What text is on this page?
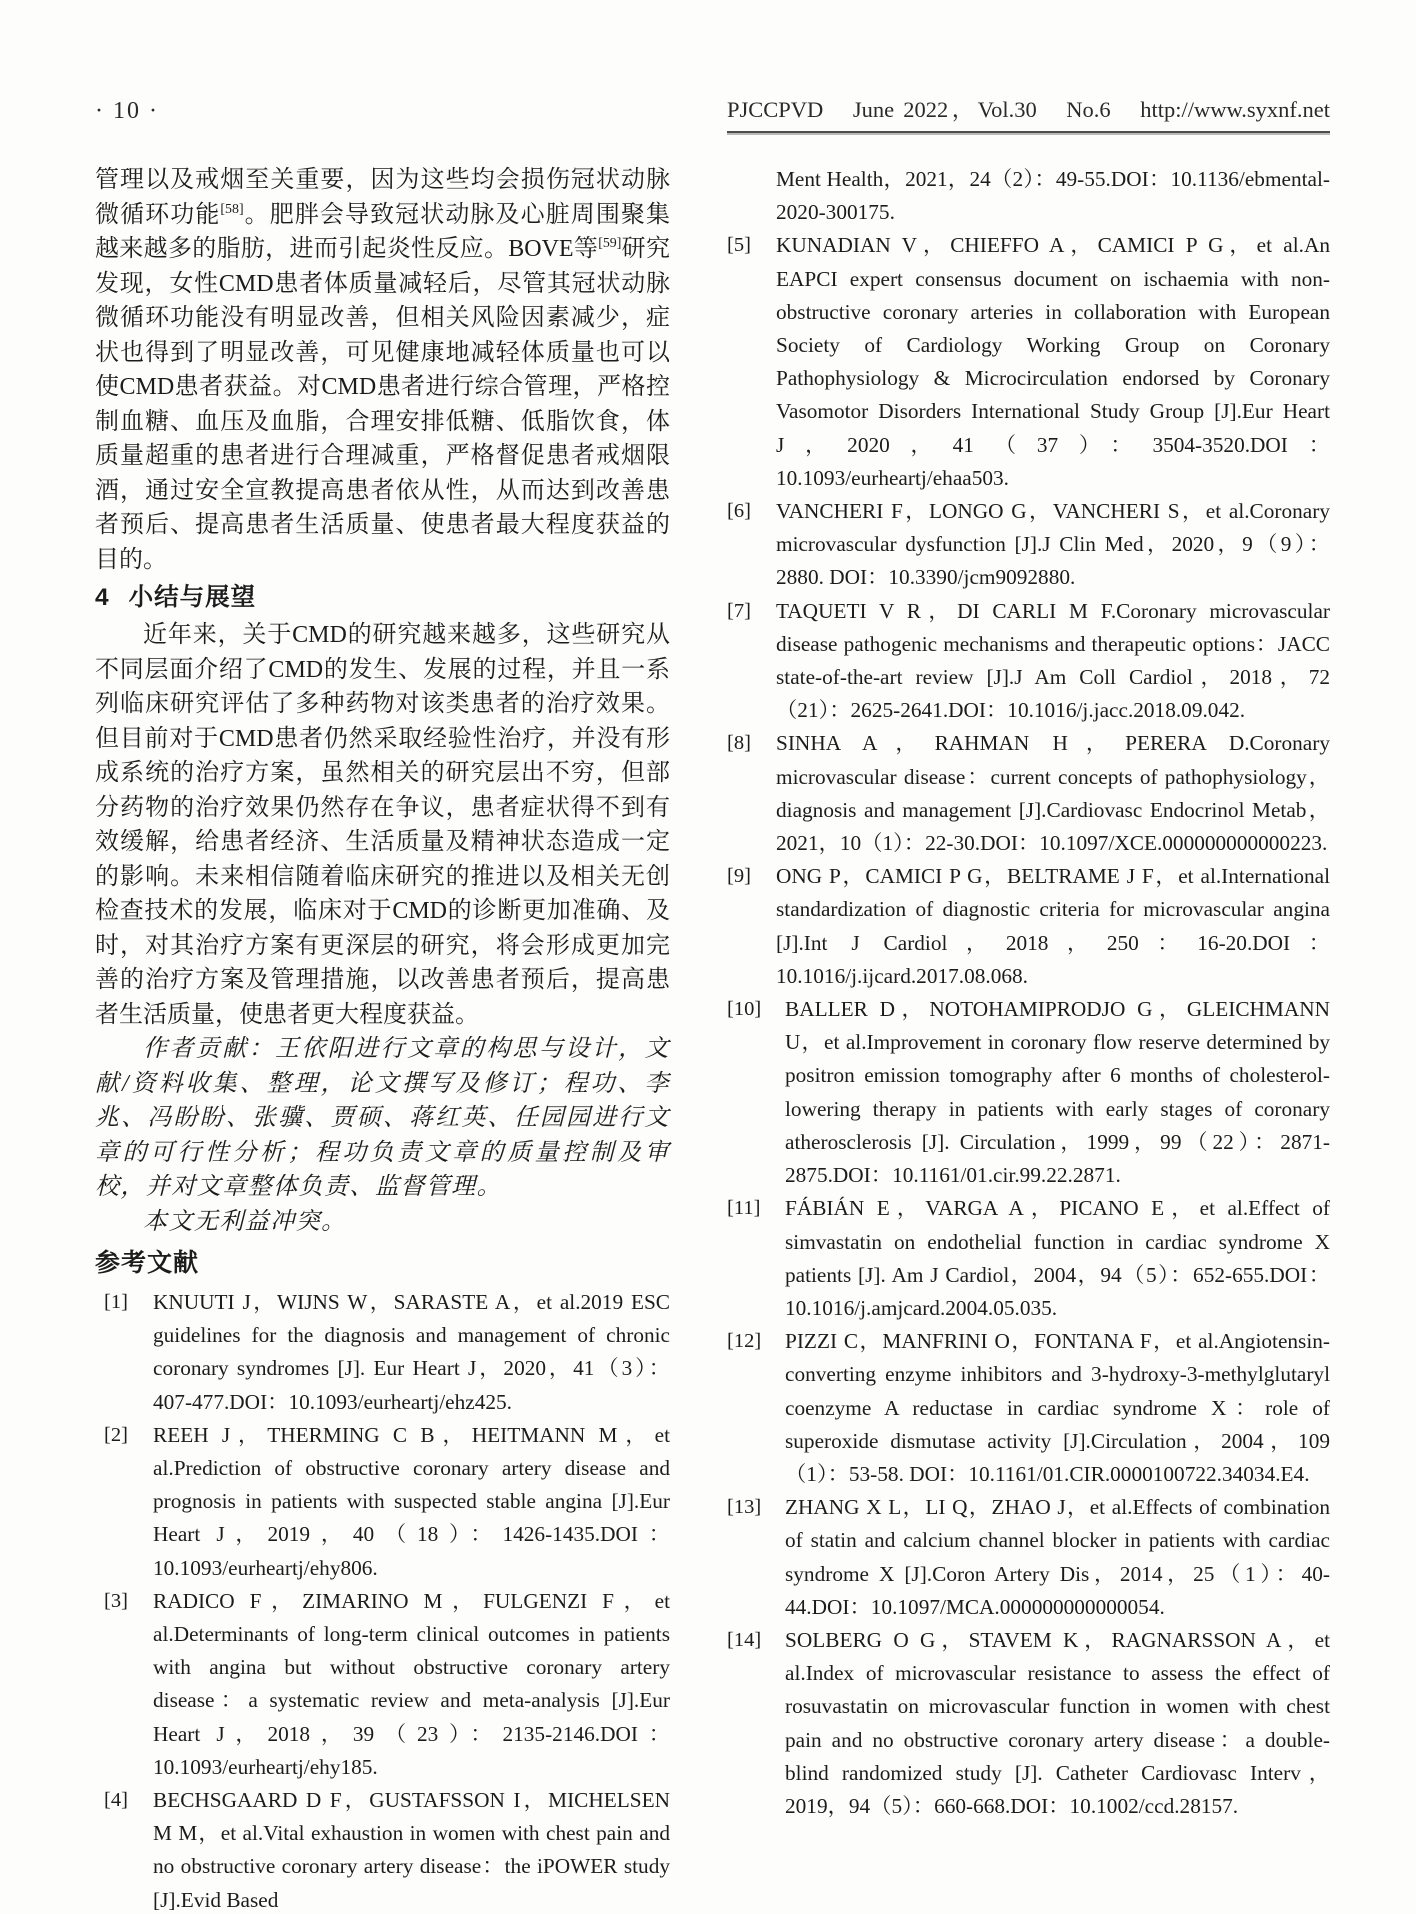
· 10 ·	PJCCPVD　June 2022，Vol.30　No.6　http://www.syxnf.net

管理以及戒烟至关重要，因为这些均会损伤冠状动脉微循环功能[58]。肥胖会导致冠状动脉及心脏周围聚集越来越多的脂肪，进而引起炎性反应。BOVE等[59]研究发现，女性CMD患者体质量减轻后，尽管其冠状动脉微循环功能没有明显改善，但相关风险因素减少，症状也得到了明显改善，可见健康地减轻体质量也可以使CMD患者获益。对CMD患者进行综合管理，严格控制血糖、血压及血脂，合理安排低糖、低脂饮食，体质量超重的患者进行合理减重，严格督促患者戒烟限酒，通过安全宣教提高患者依从性，从而达到改善患者预后、提高患者生活质量、使患者最大程度获益的目的。

4 小结与展望

近年来，关于CMD的研究越来越多，这些研究从不同层面介绍了CMD的发生、发展的过程，并且一系列临床研究评估了多种药物对该类患者的治疗效果。但目前对于CMD患者仍然采取经验性治疗，并没有形成系统的治疗方案，虽然相关的研究层出不穷，但部分药物的治疗效果仍然存在争议，患者症状得不到有效缓解，给患者经济、生活质量及精神状态造成一定的影响。未来相信随着临床研究的推进以及相关无创检查技术的发展，临床对于CMD的诊断更加准确、及时，对其治疗方案有更深层的研究，将会形成更加完善的治疗方案及管理措施，以改善患者预后，提高患者生活质量，使患者更大程度获益。

作者贡献：王依阳进行文章的构思与设计，文献/资料收集、整理，论文撰写及修订；程功、李兆、冯盼盼、张骥、贾硕、蒋红英、任园园进行文章的可行性分析；程功负责文章的质量控制及审校，并对文章整体负责、监督管理。

本文无利益冲突。

参考文献
[1]	KNUUTI J，WIJNS W，SARASTE A，et al.2019 ESC guidelines for the diagnosis and management of chronic coronary syndromes [J]. Eur Heart J，2020，41（3）：407-477.DOI：10.1093/eurheartj/ehz425.
[2]	REEH J，THERMING C B，HEITMANN M，et al.Prediction of obstructive coronary artery disease and prognosis in patients with suspected stable angina [J].Eur Heart J，2019，40（18）：1426-1435.DOI：10.1093/eurheartj/ehy806.
[3]	RADICO F，ZIMARINO M，FULGENZI F，et al.Determinants of long-term clinical outcomes in patients with angina but without obstructive coronary artery disease：a systematic review and meta-analysis [J].Eur Heart J，2018，39（23）：2135-2146.DOI：10.1093/eurheartj/ehy185.
[4]	BECHSGAARD D F，GUSTAFSSON I，MICHELSEN M M，et al.Vital exhaustion in women with chest pain and no obstructive coronary artery disease：the iPOWER study [J].Evid Based
Ment Health，2021，24（2）：49-55.DOI：10.1136/ebmental-2020-300175.
[5]	KUNADIAN V，CHIEFFO A，CAMICI P G，et al.An EAPCI expert consensus document on ischaemia with non-obstructive coronary arteries in collaboration with European Society of Cardiology Working Group on Coronary Pathophysiology & Microcirculation endorsed by Coronary Vasomotor Disorders International Study Group [J].Eur Heart J，2020，41（37）：3504-3520.DOI：10.1093/eurheartj/ehaa503.
[6]	VANCHERI F，LONGO G，VANCHERI S，et al.Coronary microvascular dysfunction [J].J Clin Med，2020，9（9）：2880. DOI：10.3390/jcm9092880.
[7]	TAQUETI V R，DI CARLI M F.Coronary microvascular disease pathogenic mechanisms and therapeutic options：JACC state-of-the-art review [J].J Am Coll Cardiol，2018，72（21）：2625-2641.DOI：10.1016/j.jacc.2018.09.042.
[8]	SINHA A，RAHMAN H，PERERA D.Coronary microvascular disease：current concepts of pathophysiology，diagnosis and management [J].Cardiovasc Endocrinol Metab，2021，10（1）：22-30.DOI：10.1097/XCE.000000000000223.
[9]	ONG P，CAMICI P G，BELTRAME J F，et al.International standardization of diagnostic criteria for microvascular angina [J].Int J Cardiol，2018，250：16-20.DOI：10.1016/j.ijcard.2017.08.068.
[10]	BALLER D，NOTOHAMIPRODJO G，GLEICHMANN U，et al.Improvement in coronary flow reserve determined by positron emission tomography after 6 months of cholesterol-lowering therapy in patients with early stages of coronary atherosclerosis [J]. Circulation，1999，99（22）：2871-2875.DOI：10.1161/01.cir.99.22.2871.
[11]	FÁBIÁN E，VARGA A，PICANO E，et al.Effect of simvastatin on endothelial function in cardiac syndrome X patients [J]. Am J Cardiol，2004，94（5）：652-655.DOI：10.1016/j.amjcard.2004.05.035.
[12]	PIZZI C，MANFRINI O，FONTANA F，et al.Angiotensin-converting enzyme inhibitors and 3-hydroxy-3-methylglutaryl coenzyme A reductase in cardiac syndrome X：role of superoxide dismutase activity [J].Circulation，2004，109（1）：53-58. DOI：10.1161/01.CIR.0000100722.34034.E4.
[13]	ZHANG X L，LI Q，ZHAO J，et al.Effects of combination of statin and calcium channel blocker in patients with cardiac syndrome X [J].Coron Artery Dis，2014，25（1）：40-44.DOI：10.1097/MCA.000000000000054.
[14]	SOLBERG O G，STAVEM K，RAGNARSSON A，et al.Index of microvascular resistance to assess the effect of rosuvastatin on microvascular function in women with chest pain and no obstructive coronary artery disease：a double-blind randomized study [J]. Catheter Cardiovasc Interv，2019，94（5）：660-668.DOI：10.1002/ccd.28157.
